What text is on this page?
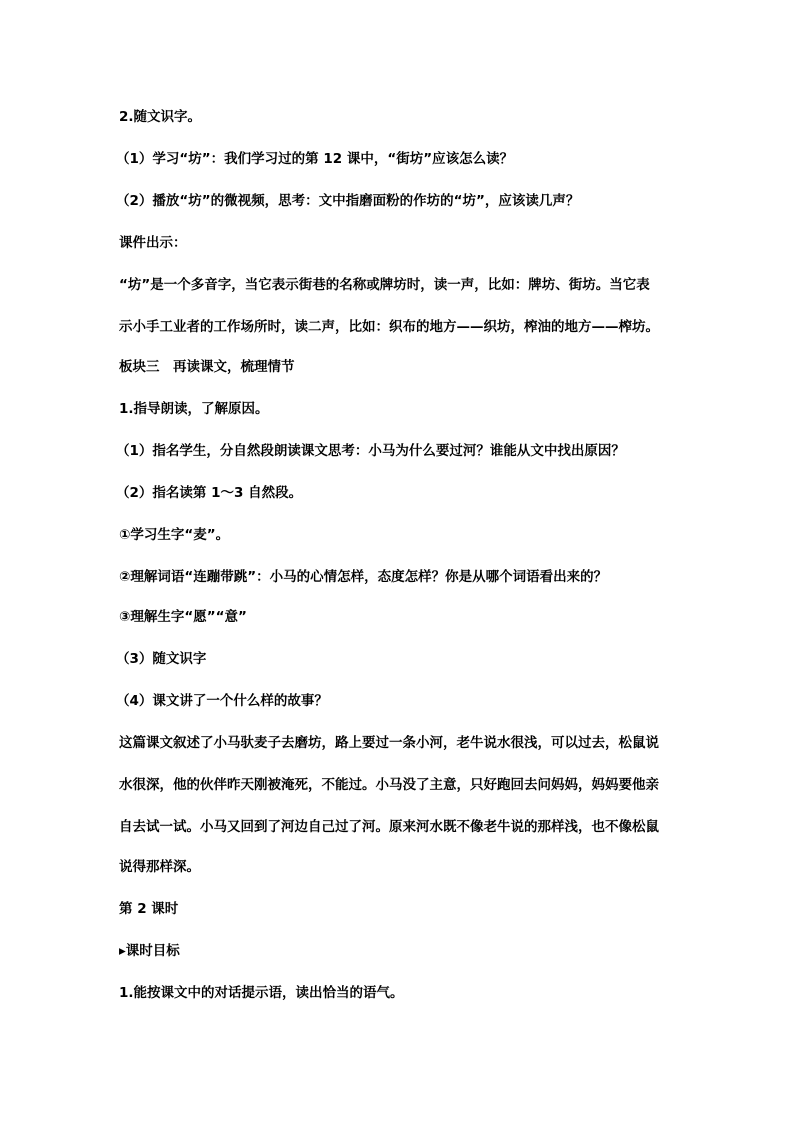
2.随文识字。
（1）学习“坊”：我们学习过的第 12 课中，“街坊”应该怎么读？
（2）播放“坊”的微视频，思考：文中指磨面粉的作坊的“坊”，应该读几声？
课件出示：
“坊”是一个多音字，当它表示街巷的名称或牌坊时，读一声，比如：牌坊、街坊。当它表
示小手工业者的工作场所时，读二声，比如：织布的地方——织坊，榨油的地方——榨坊。
板块三　再读课文，梳理情节
1.指导朗读，了解原因。
（1）指名学生，分自然段朗读课文思考：小马为什么要过河？谁能从文中找出原因？
（2）指名读第 1～3 自然段。
①学习生字“麦”。
②理解词语“连蹦带跳”：小马的心情怎样，态度怎样？你是从哪个词语看出来的？
③理解生字“愿”“意”
（3）随文识字
（4）课文讲了一个什么样的故事？
这篇课文叙述了小马驮麦子去磨坊，路上要过一条小河，老牛说水很浅，可以过去，松鼠说
水很深，他的伙伴昨天刚被淹死，不能过。小马没了主意，只好跑回去问妈妈，妈妈要他亲
自去试一试。小马又回到了河边自己过了河。原来河水既不像老牛说的那样浅，也不像松鼠
说得那样深。
第 2 课时
▸课时目标
1.能按课文中的对话提示语，读出恰当的语气。
